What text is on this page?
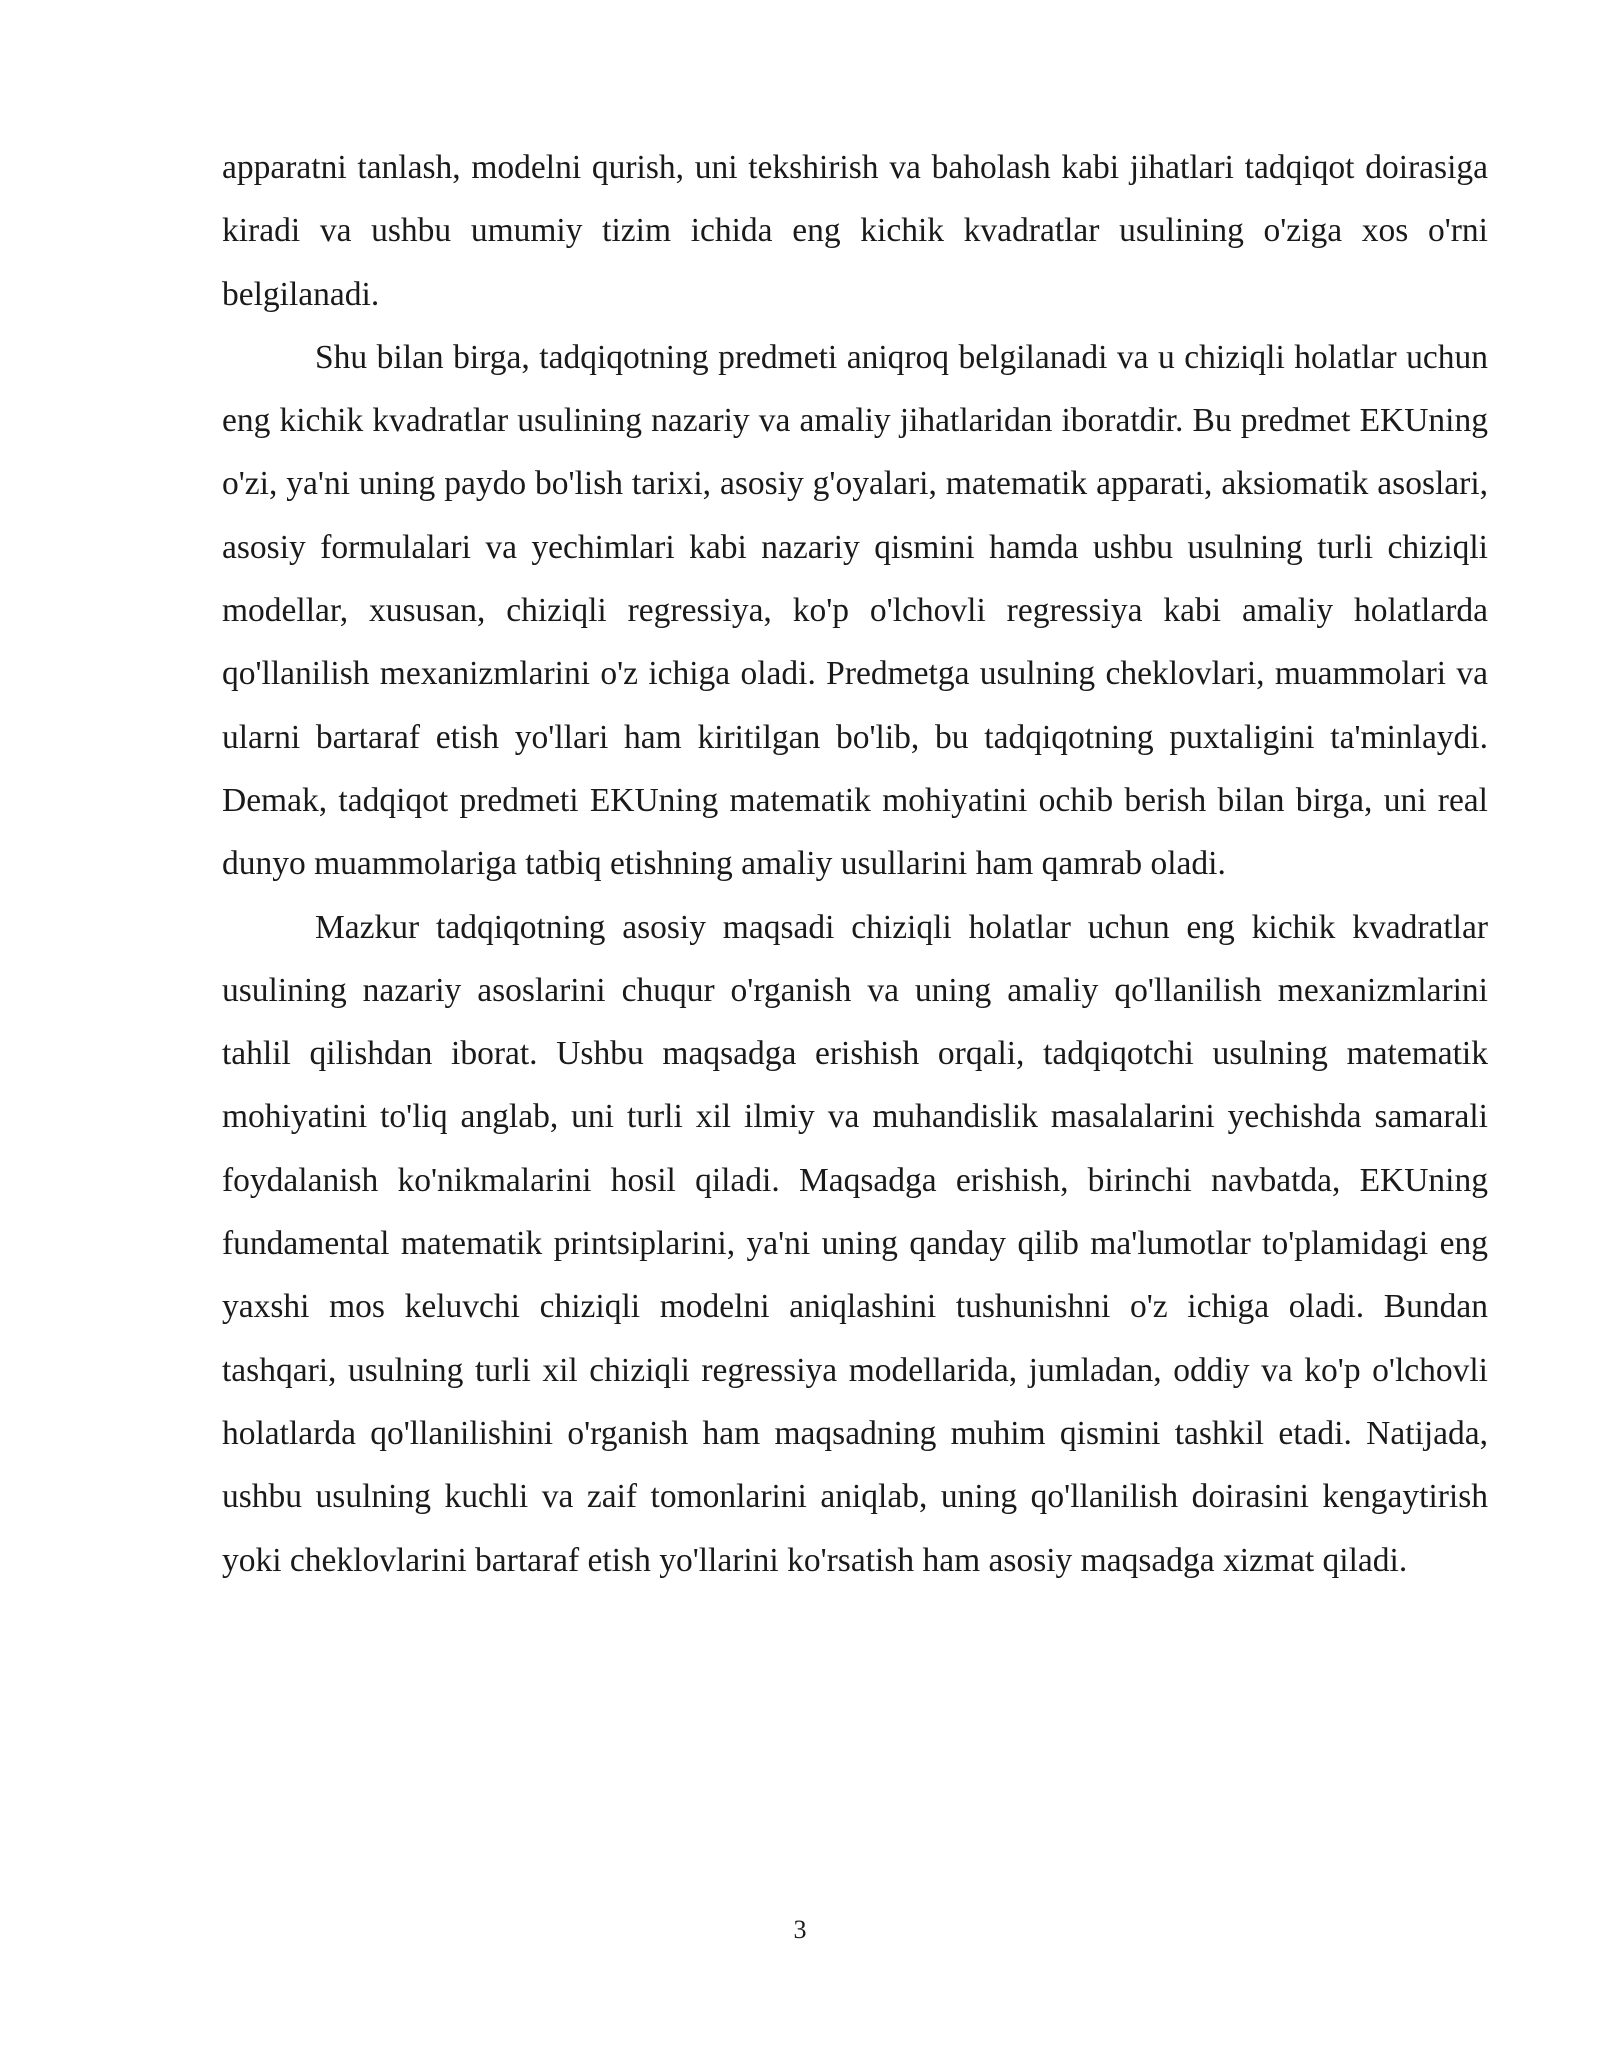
apparatni tanlash, modelni qurish, uni tekshirish va baholash kabi jihatlari tadqiqot doirasiga kiradi va ushbu umumiy tizim ichida eng kichik kvadratlar usulining o'ziga xos o'rni belgilanadi.

Shu bilan birga, tadqiqotning predmeti aniqroq belgilanadi va u chiziqli holatlar uchun eng kichik kvadratlar usulining nazariy va amaliy jihatlaridan iboratdir. Bu predmet EKUning o'zi, ya'ni uning paydo bo'lish tarixi, asosiy g'oyalari, matematik apparati, aksiomatik asoslari, asosiy formulalari va yechimlari kabi nazariy qismini hamda ushbu usulning turli chiziqli modellar, xususan, chiziqli regressiya, ko'p o'lchovli regressiya kabi amaliy holatlarda qo'llanilish mexanizmlarini o'z ichiga oladi. Predmetga usulning cheklovlari, muammolari va ularni bartaraf etish yo'llari ham kiritilgan bo'lib, bu tadqiqotning puxtaligini ta'minlaydi. Demak, tadqiqot predmeti EKUning matematik mohiyatini ochib berish bilan birga, uni real dunyo muammolariga tatbiq etishning amaliy usullarini ham qamrab oladi.

Mazkur tadqiqotning asosiy maqsadi chiziqli holatlar uchun eng kichik kvadratlar usulining nazariy asoslarini chuqur o'rganish va uning amaliy qo'llanilish mexanizmlarini tahlil qilishdan iborat. Ushbu maqsadga erishish orqali, tadqiqotchi usulning matematik mohiyatini to'liq anglab, uni turli xil ilmiy va muhandislik masalalarini yechishda samarali foydalanish ko'nikmalarini hosil qiladi. Maqsadga erishish, birinchi navbatda, EKUning fundamental matematik printsiplarini, ya'ni uning qanday qilib ma'lumotlar to'plamidagi eng yaxshi mos keluvchi chiziqli modelni aniqlashini tushunishni o'z ichiga oladi. Bundan tashqari, usulning turli xil chiziqli regressiya modellarida, jumladan, oddiy va ko'p o'lchovli holatlarda qo'llanilishini o'rganish ham maqsadning muhim qismini tashkil etadi. Natijada, ushbu usulning kuchli va zaif tomonlarini aniqlab, uning qo'llanilish doirasini kengaytirish yoki cheklovlarini bartaraf etish yo'llarini ko'rsatish ham asosiy maqsadga xizmat qiladi.

3
